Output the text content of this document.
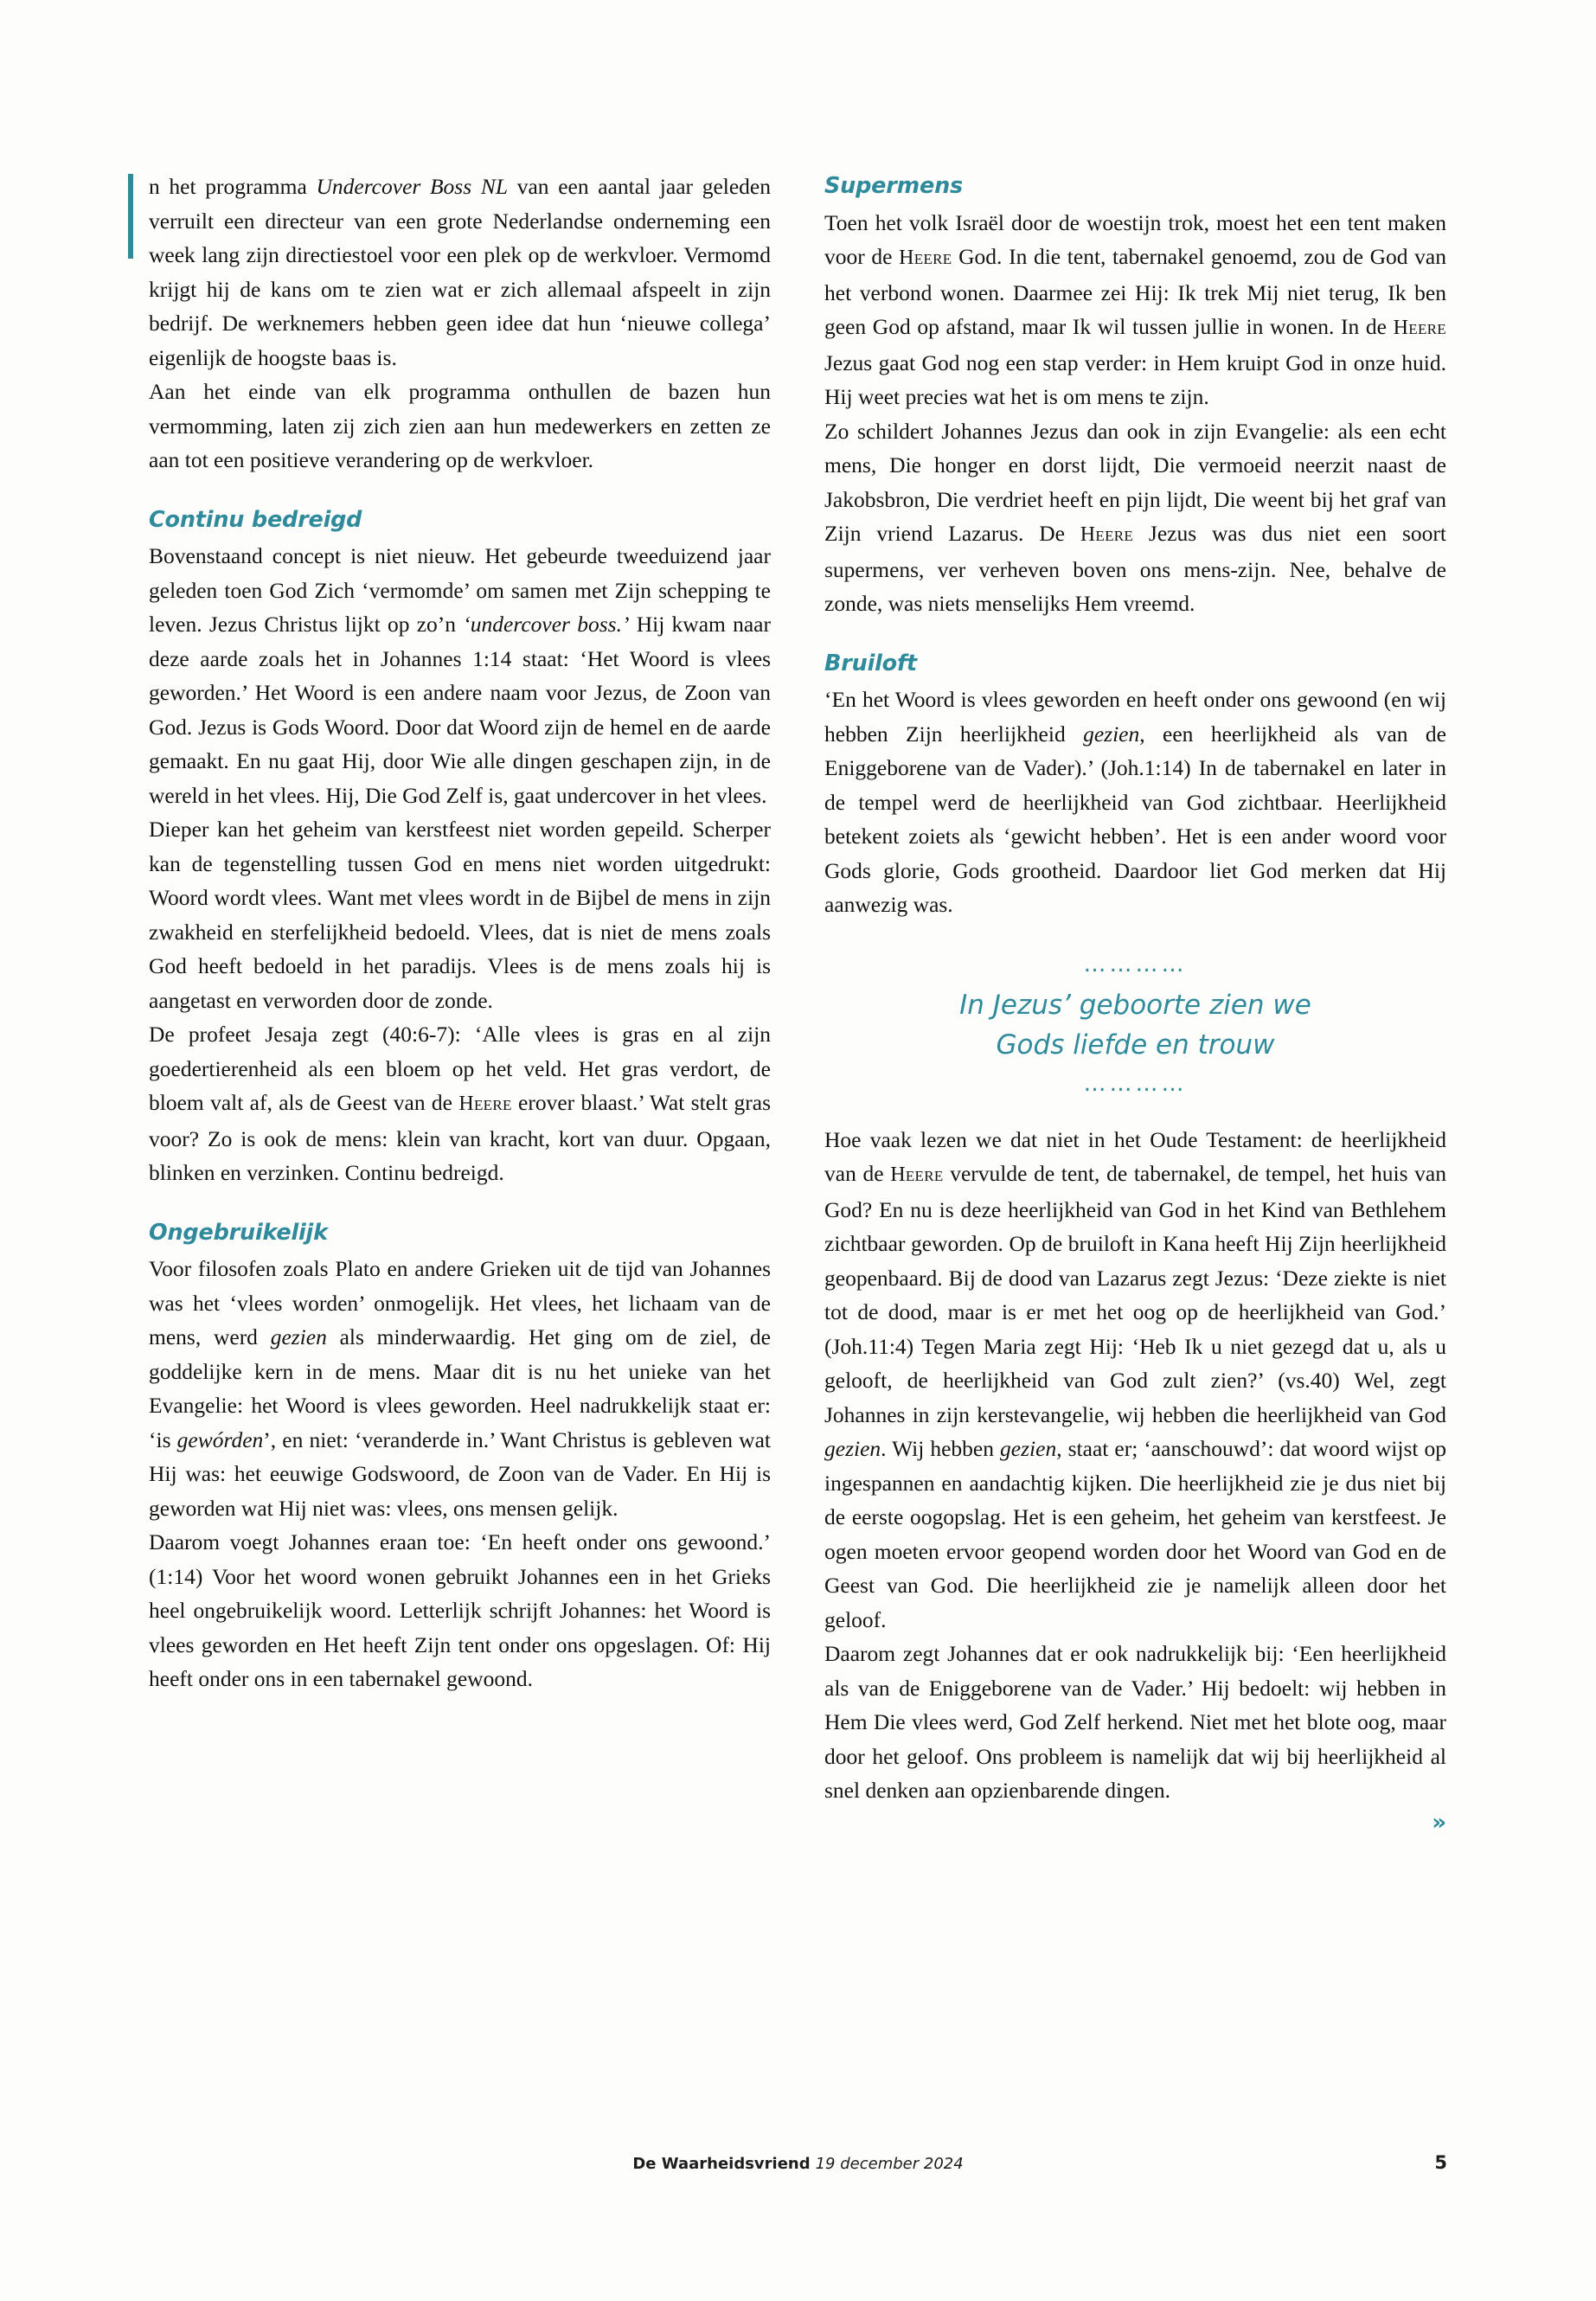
n het programma Undercover Boss NL van een aantal jaar geleden verruilt een directeur van een grote Nederlandse onderneming een week lang zijn directiestoel voor een plek op de werkvloer. Vermomd krijgt hij de kans om te zien wat er zich allemaal afspeelt in zijn bedrijf. De werknemers hebben geen idee dat hun ‘nieuwe collega’ eigenlijk de hoogste baas is.

Aan het einde van elk programma onthullen de bazen hun vermomming, laten zij zich zien aan hun medewerkers en zetten ze aan tot een positieve verandering op de werkvloer.

Continu bedreigd

Bovenstaand concept is niet nieuw. Het gebeurde tweeduizend jaar geleden toen God Zich ‘vermomde’ om samen met Zijn schepping te leven. Jezus Christus lijkt op zo’n ‘undercover boss.’ Hij kwam naar deze aarde zoals het in Johannes 1:14 staat: ‘Het Woord is vlees geworden.’ Het Woord is een andere naam voor Jezus, de Zoon van God. Jezus is Gods Woord. Door dat Woord zijn de hemel en de aarde gemaakt. En nu gaat Hij, door Wie alle dingen geschapen zijn, in de wereld in het vlees. Hij, Die God Zelf is, gaat undercover in het vlees.

Dieper kan het geheim van kerstfeest niet worden gepeild. Scherper kan de tegenstelling tussen God en mens niet worden uitgedrukt: Woord wordt vlees. Want met vlees wordt in de Bijbel de mens in zijn zwakheid en sterfelijkheid bedoeld. Vlees, dat is niet de mens zoals God heeft bedoeld in het paradijs. Vlees is de mens zoals hij is aangetast en verworden door de zonde.

De profeet Jesaja zegt (40:6-7): ‘Alle vlees is gras en al zijn goedertierenheid als een bloem op het veld. Het gras verdort, de bloem valt af, als de Geest van de Heere erover blaast.’ Wat stelt gras voor? Zo is ook de mens: klein van kracht, kort van duur. Opgaan, blinken en verzinken. Continu bedreigd.

Ongebruikelijk

Voor filosofen zoals Plato en andere Grieken uit de tijd van Johannes was het ‘vlees worden’ onmogelijk. Het vlees, het lichaam van de mens, werd gezien als minderwaardig. Het ging om de ziel, de goddelijke kern in de mens. Maar dit is nu het unieke van het Evangelie: het Woord is vlees geworden. Heel nadrukkelijk staat er: ‘is gewórden’, en niet: ‘veranderde in.’ Want Christus is gebleven wat Hij was: het eeuwige Godswoord, de Zoon van de Vader. En Hij is geworden wat Hij niet was: vlees, ons mensen gelijk.

Daarom voegt Johannes eraan toe: ‘En heeft onder ons gewoond.’ (1:14) Voor het woord wonen gebruikt Johannes een in het Grieks heel ongebruikelijk woord. Letterlijk schrijft Johannes: het Woord is vlees geworden en Het heeft Zijn tent onder ons opgeslagen. Of: Hij heeft onder ons in een tabernakel gewoond.

Supermens

Toen het volk Israël door de woestijn trok, moest het een tent maken voor de Heere God. In die tent, tabernakel genoemd, zou de God van het verbond wonen. Daarmee zei Hij: Ik trek Mij niet terug, Ik ben geen God op afstand, maar Ik wil tussen jullie in wonen. In de Heere Jezus gaat God nog een stap verder: in Hem kruipt God in onze huid. Hij weet precies wat het is om mens te zijn.

Zo schildert Johannes Jezus dan ook in zijn Evangelie: als een echt mens, Die honger en dorst lijdt, Die vermoeid neerzit naast de Jakobsbron, Die verdriet heeft en pijn lijdt, Die weent bij het graf van Zijn vriend Lazarus. De Heere Jezus was dus niet een soort supermens, ver verheven boven ons mens-zijn. Nee, behalve de zonde, was niets menselijks Hem vreemd.

Bruiloft

‘En het Woord is vlees geworden en heeft onder ons gewoond (en wij hebben Zijn heerlijkheid gezien, een heerlijkheid als van de Eniggeborene van de Vader).’ (Joh.1:14) In de tabernakel en later in de tempel werd de heerlijkheid van God zichtbaar. Heerlijkheid betekent zoiets als ‘gewicht hebben’. Het is een ander woord voor Gods glorie, Gods grootheid. Daardoor liet God merken dat Hij aanwezig was.

…………
In Jezus’ geboorte zien we
Gods liefde en trouw
…………

Hoe vaak lezen we dat niet in het Oude Testament: de heerlijkheid van de Heere vervulde de tent, de tabernakel, de tempel, het huis van God? En nu is deze heerlijkheid van God in het Kind van Bethlehem zichtbaar geworden. Op de bruiloft in Kana heeft Hij Zijn heerlijkheid geopenbaard. Bij de dood van Lazarus zegt Jezus: ‘Deze ziekte is niet tot de dood, maar is er met het oog op de heerlijkheid van God.’ (Joh.11:4) Tegen Maria zegt Hij: ‘Heb Ik u niet gezegd dat u, als u gelooft, de heerlijkheid van God zult zien?’ (vs.40) Wel, zegt Johannes in zijn kerstevangelie, wij hebben die heerlijkheid van God gezien. Wij hebben gezien, staat er; ‘aanschouwd’: dat woord wijst op ingespannen en aandachtig kijken. Die heerlijkheid zie je dus niet bij de eerste oogopslag. Het is een geheim, het geheim van kerstfeest. Je ogen moeten ervoor geopend worden door het Woord van God en de Geest van God. Die heerlijkheid zie je namelijk alleen door het geloof.

Daarom zegt Johannes dat er ook nadrukkelijk bij: ‘Een heerlijkheid als van de Eniggeborene van de Vader.’ Hij bedoelt: wij hebben in Hem Die vlees werd, God Zelf herkend. Niet met het blote oog, maar door het geloof. Ons probleem is namelijk dat wij bij heerlijkheid al snel denken aan opzienbarende dingen.

»
De Waarheidsvriend 19 december 2024	5
